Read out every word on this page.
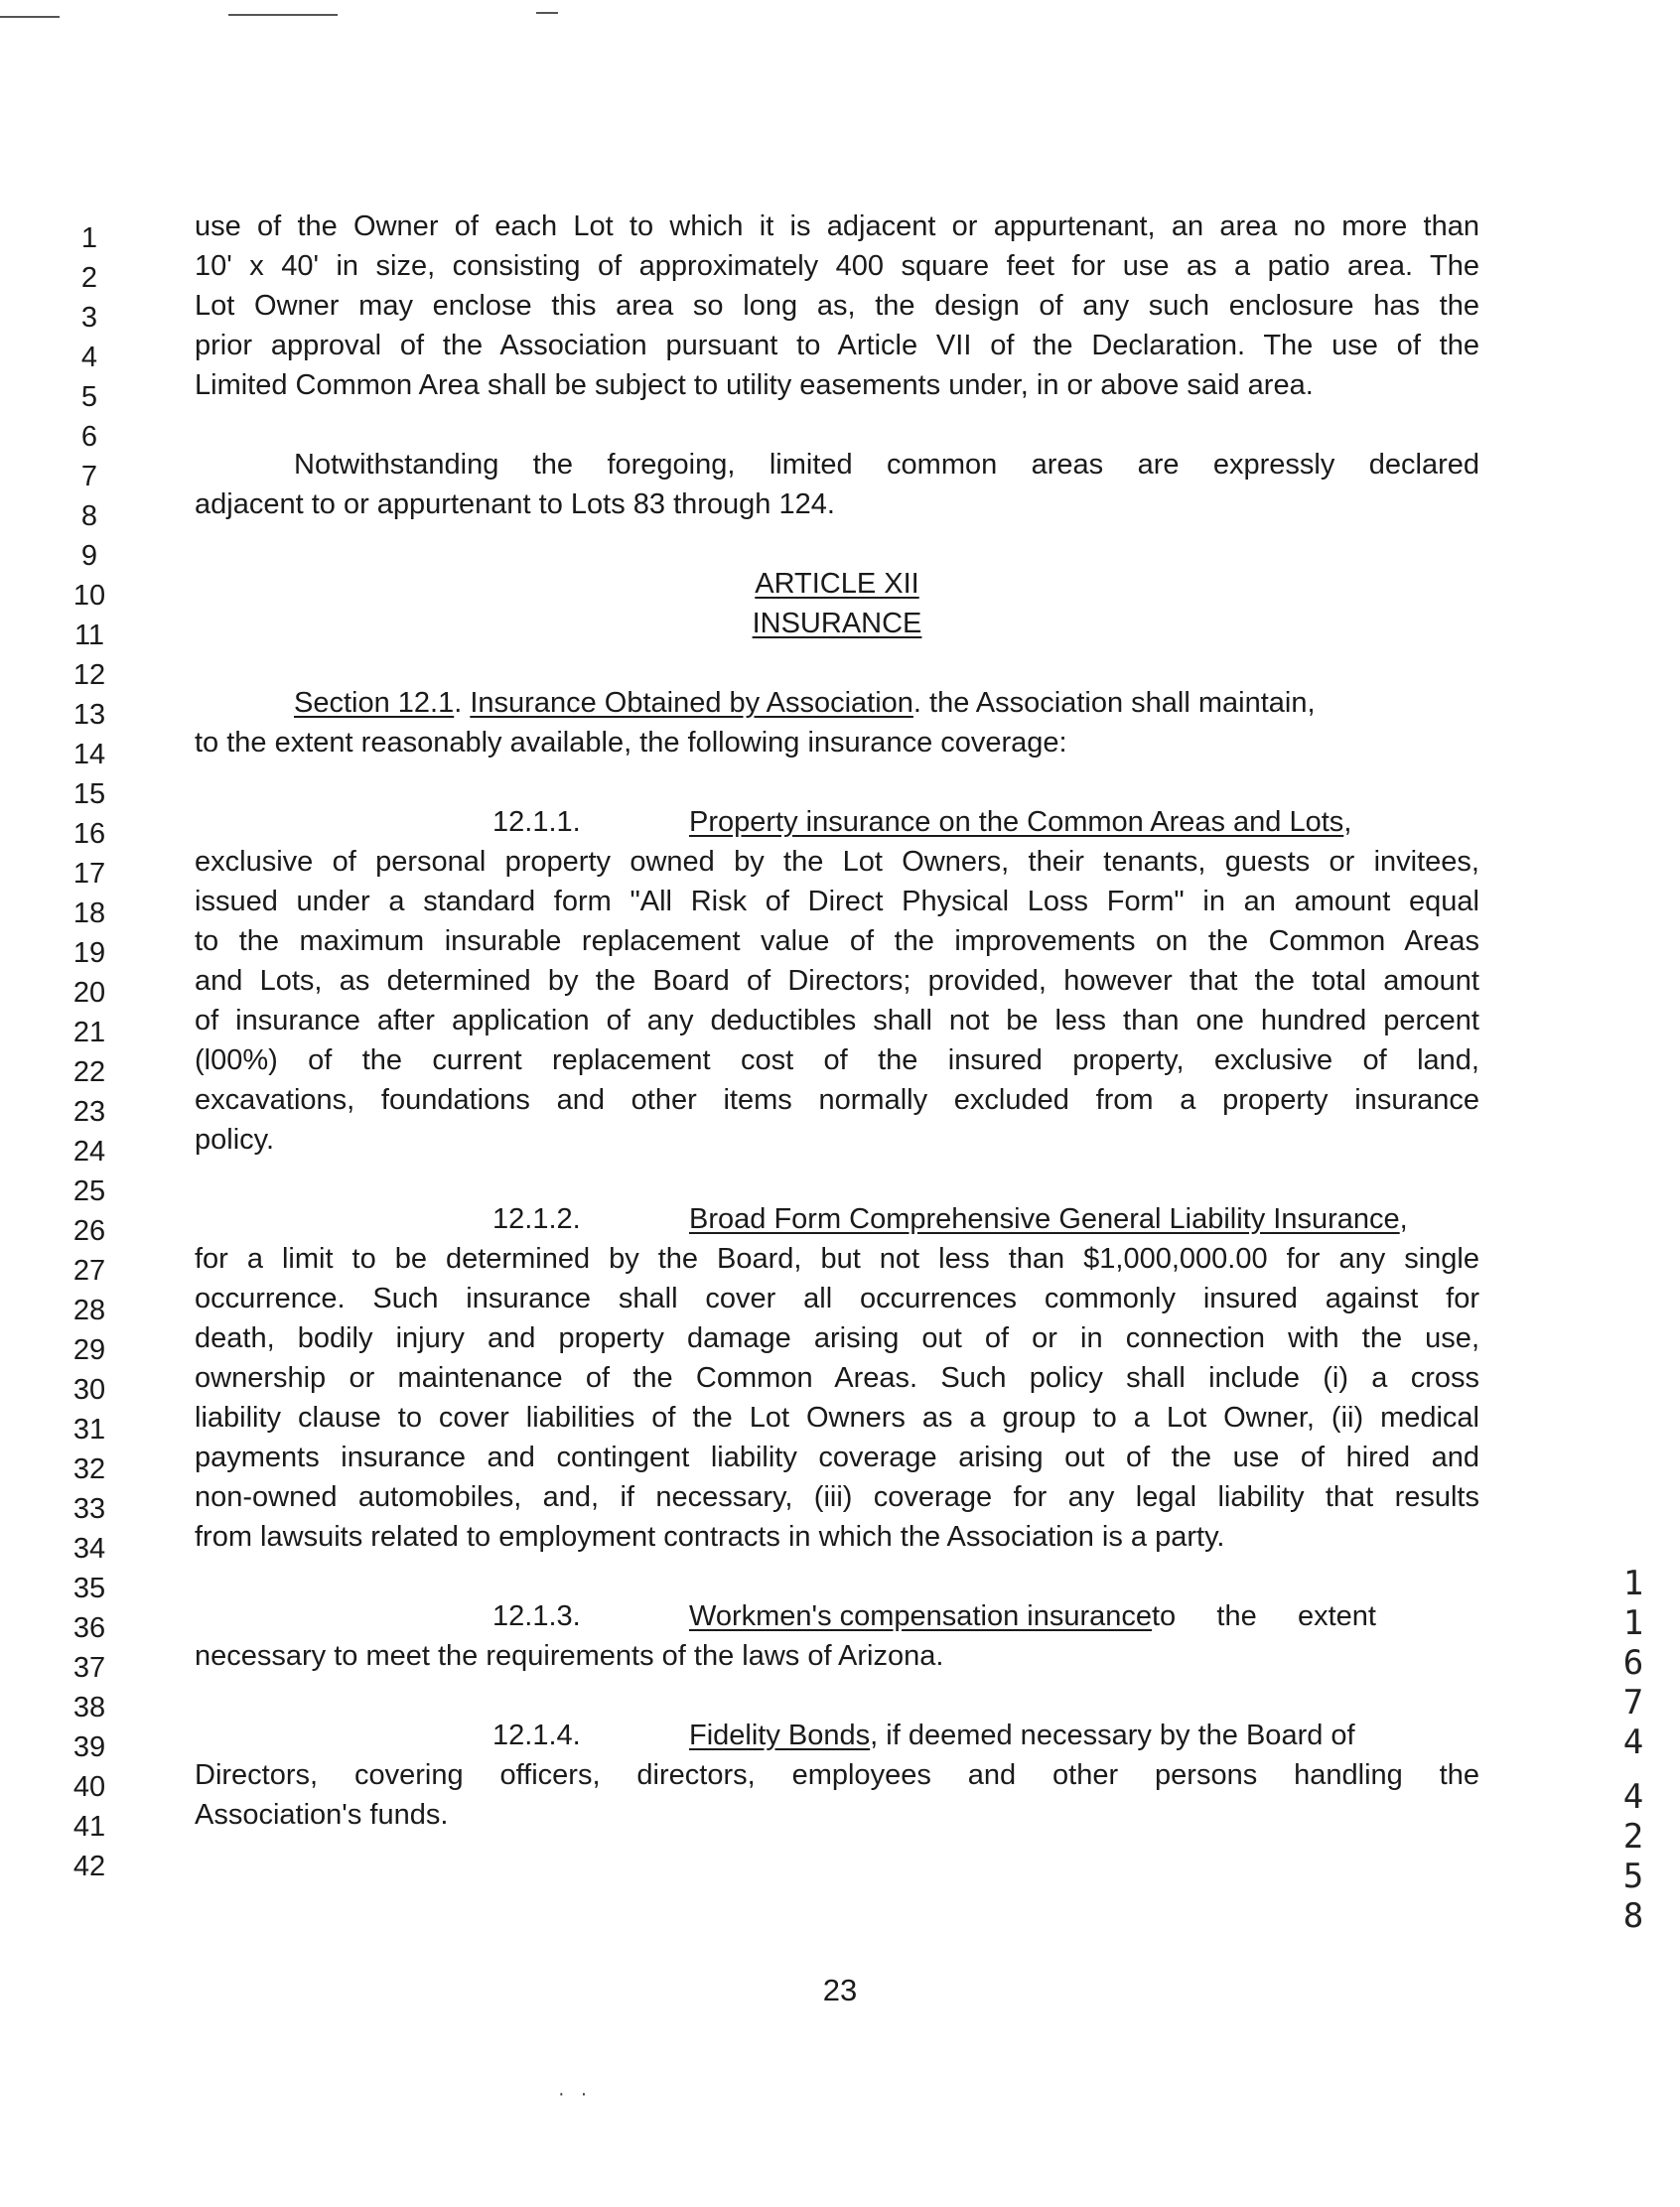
1
2
3
4
5
6
7
8
9
10
11
12
13
14
15
16
17
18
19
20
21
22
23
24
25
26
27
28
29
30
31
32
33
34
35
36
37
38
39
40
41
42
use of the Owner of each Lot to which it is adjacent or appurtenant, an area no more than
10' x 40' in size, consisting of approximately 400 square feet for use as a patio area. The
Lot Owner may enclose this area so long as, the design of any such enclosure has the
prior approval of the Association pursuant to Article VII of the Declaration. The use of the
Limited Common Area shall be subject to utility easements under, in or above said area.
Notwithstanding the foregoing, limited common areas are expressly declared
adjacent to or appurtenant to Lots 83 through 124.
ARTICLE XII
INSURANCE
Section 12.1. Insurance Obtained by Association. the Association shall maintain,
to the extent reasonably available, the following insurance coverage:
12.1.1.	Property insurance on the Common Areas and Lots,
exclusive of personal property owned by the Lot Owners, their tenants, guests or invitees,
issued under a standard form "All Risk of Direct Physical Loss Form" in an amount equal
to the maximum insurable replacement value of the improvements on the Common Areas
and Lots, as determined by the Board of Directors; provided, however that the total amount
of insurance after application of any deductibles shall not be less than one hundred percent
(l00%) of the current replacement cost of the insured property, exclusive of land,
excavations, foundations and other items normally excluded from a property insurance
policy.
12.1.2.	Broad Form Comprehensive General Liability Insurance,
for a limit to be determined by the Board, but not less than $1,000,000.00 for any single
occurrence. Such insurance shall cover all occurrences commonly insured against for
death, bodily injury and property damage arising out of or in connection with the use,
ownership or maintenance of the Common Areas. Such policy shall include (i) a cross
liability clause to cover liabilities of the Lot Owners as a group to a Lot Owner, (ii) medical
payments insurance and contingent liability coverage arising out of the use of hired and
non-owned automobiles, and, if necessary, (iii) coverage for any legal liability that results
from lawsuits related to employment contracts in which the Association is a party.
12.1.3.	Workmen's compensation insuranceto the extent
necessary to meet the requirements of the laws of Arizona.
12.1.4.	Fidelity Bonds, if deemed necessary by the Board of
Directors, covering officers, directors, employees and other persons handling the
Association's funds.
1
1
6
7
4
4
2
5
8
23
··
